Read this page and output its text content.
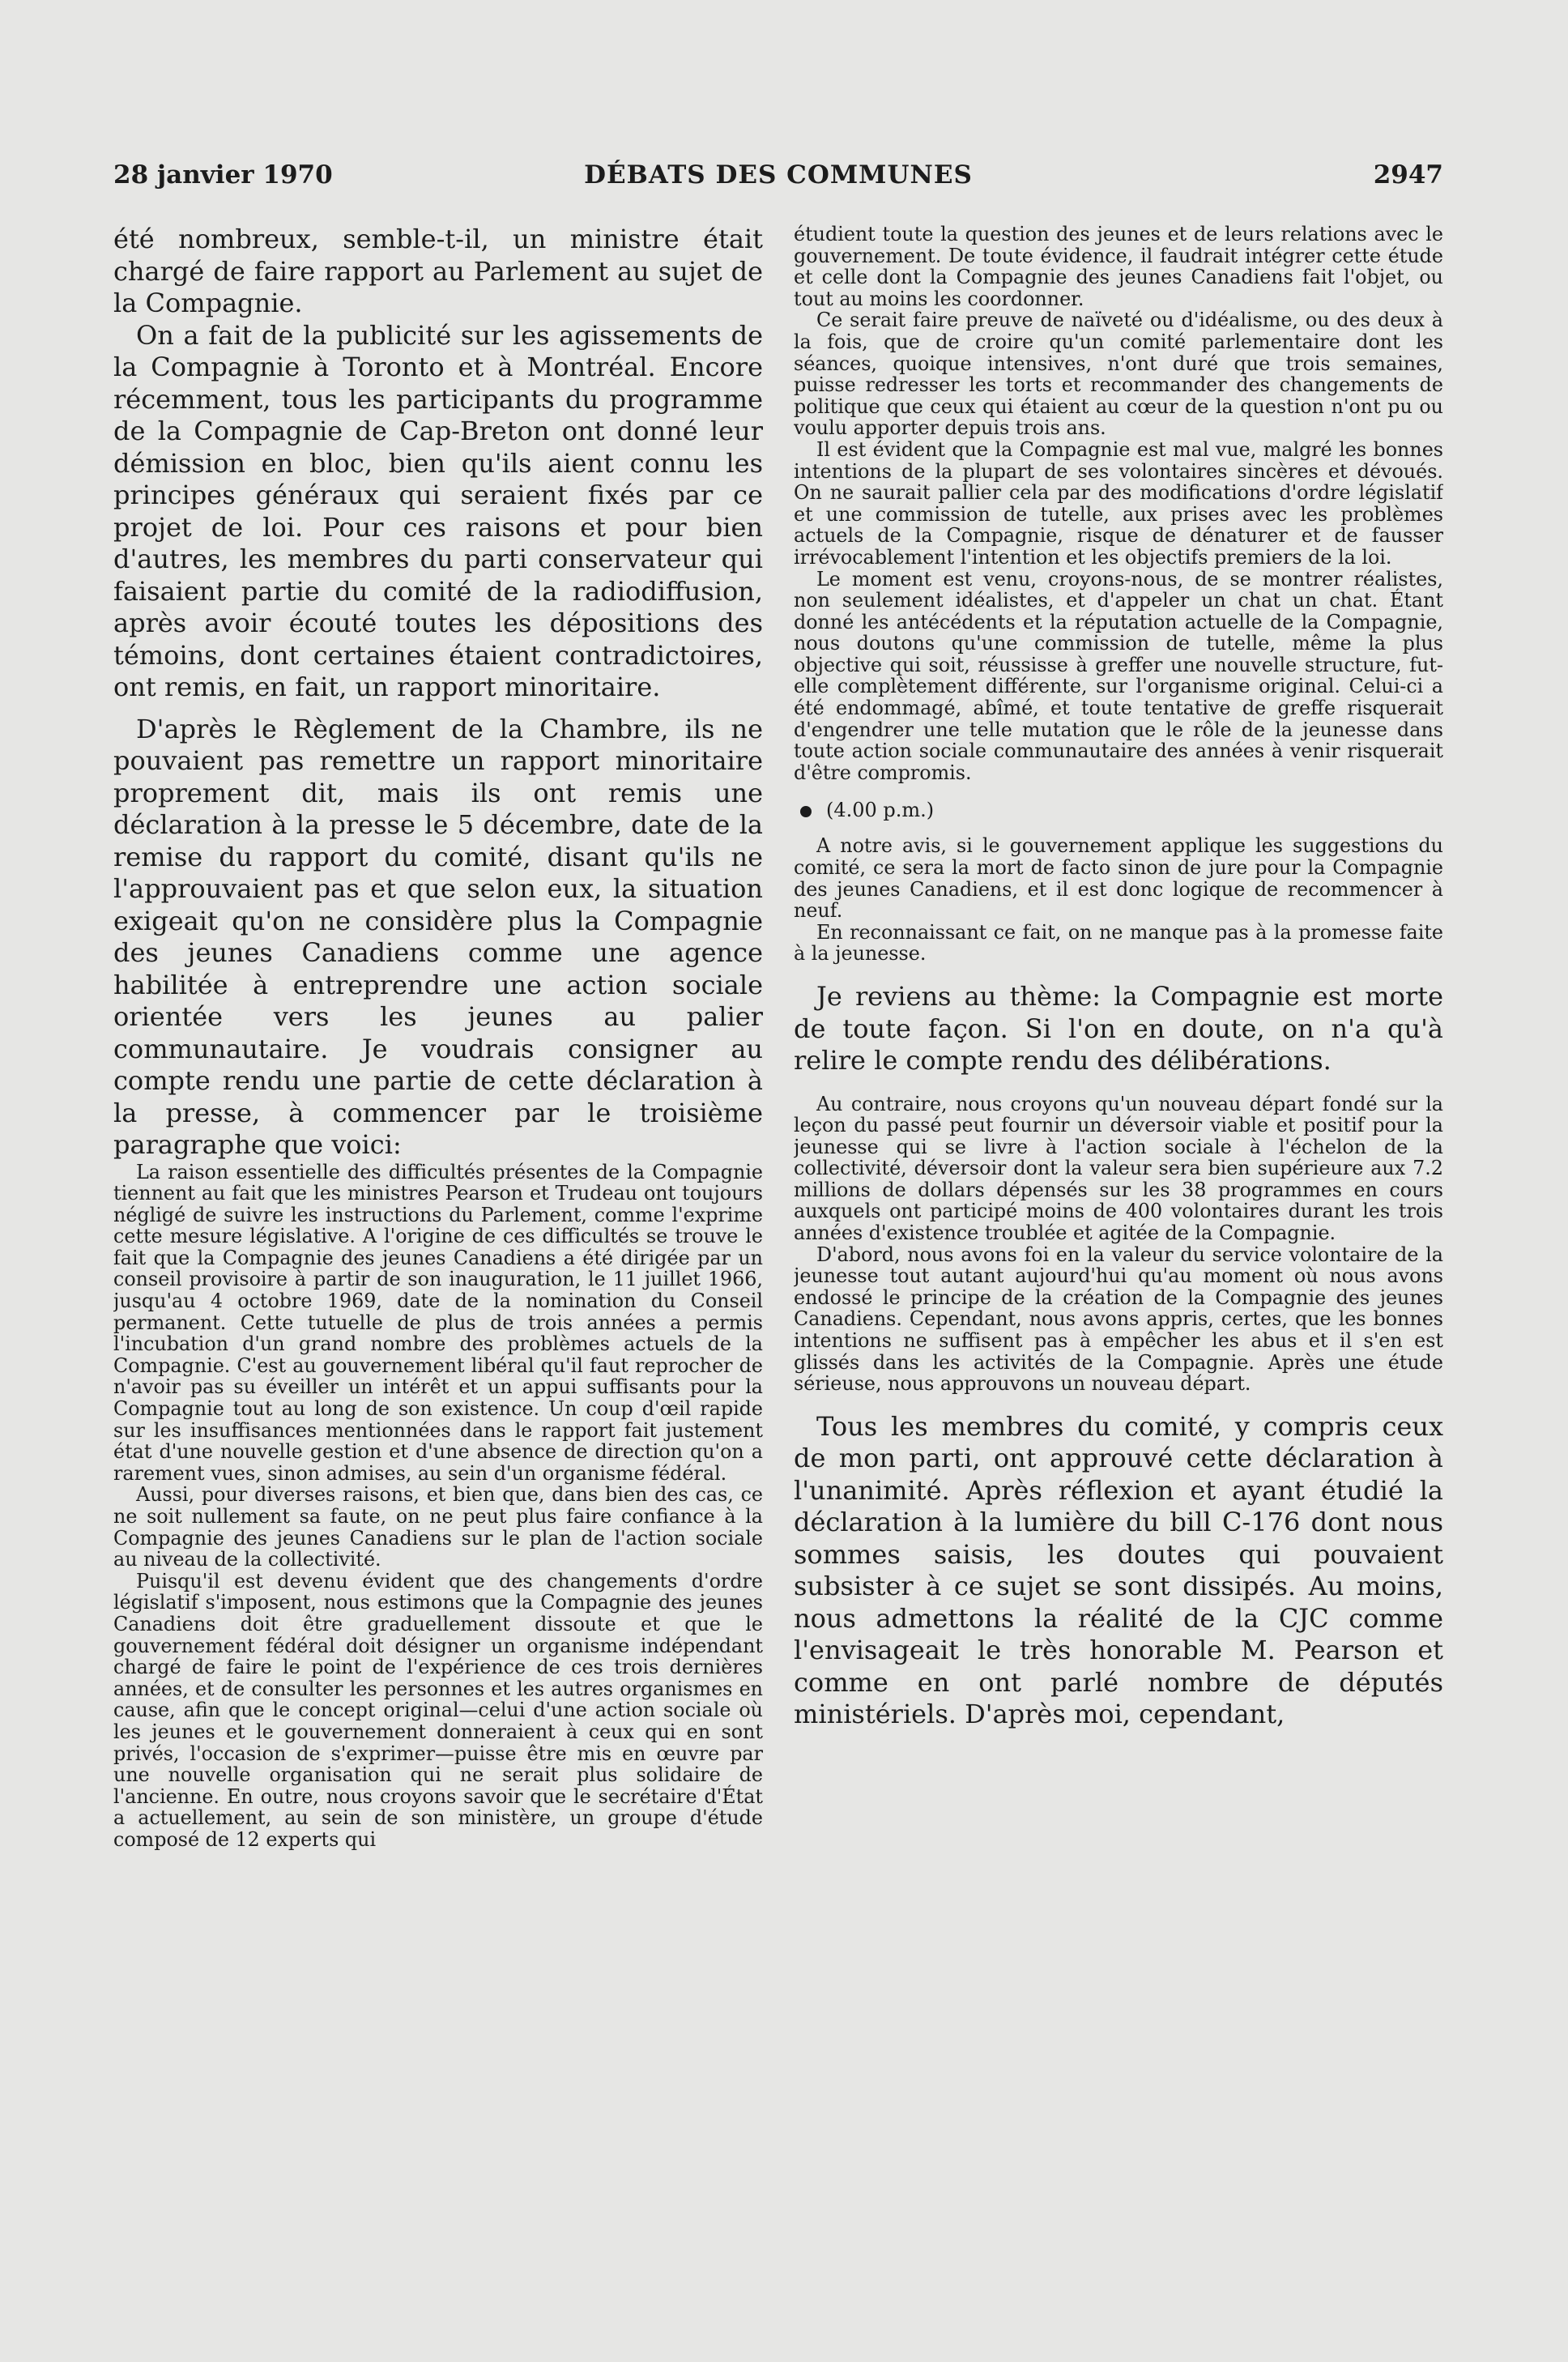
28 janvier 1970	DÉBATS DES COMMUNES	2947

été nombreux, semble-t-il, un ministre était chargé de faire rapport au Parlement au sujet de la Compagnie.

On a fait de la publicité sur les agissements de la Compagnie à Toronto et à Montréal. Encore récemment, tous les participants du programme de la Compagnie de Cap-Breton ont donné leur démission en bloc, bien qu'ils aient connu les principes généraux qui seraient fixés par ce projet de loi. Pour ces raisons et pour bien d'autres, les membres du parti conservateur qui faisaient partie du comité de la radiodiffusion, après avoir écouté toutes les dépositions des témoins, dont certaines étaient contradictoires, ont remis, en fait, un rapport minoritaire.

D'après le Règlement de la Chambre, ils ne pouvaient pas remettre un rapport minoritaire proprement dit, mais ils ont remis une déclaration à la presse le 5 décembre, date de la remise du rapport du comité, disant qu'ils ne l'approuvaient pas et que selon eux, la situation exigeait qu'on ne considère plus la Compagnie des jeunes Canadiens comme une agence habilitée à entreprendre une action sociale orientée vers les jeunes au palier communautaire. Je voudrais consigner au compte rendu une partie de cette déclaration à la presse, à commencer par le troisième paragraphe que voici:

La raison essentielle des difficultés présentes de la Compagnie tiennent au fait que les ministres Pearson et Trudeau ont toujours négligé de suivre les instructions du Parlement, comme l'exprime cette mesure législative. A l'origine de ces difficultés se trouve le fait que la Compagnie des jeunes Canadiens a été dirigée par un conseil provisoire à partir de son inauguration, le 11 juillet 1966, jusqu'au 4 octobre 1969, date de la nomination du Conseil permanent. Cette tutuelle de plus de trois années a permis l'incubation d'un grand nombre des problèmes actuels de la Compagnie. C'est au gouvernement libéral qu'il faut reprocher de n'avoir pas su éveiller un intérêt et un appui suffisants pour la Compagnie tout au long de son existence. Un coup d'œil rapide sur les insuffisances mentionnées dans le rapport fait justement état d'une nouvelle gestion et d'une absence de direction qu'on a rarement vues, sinon admises, au sein d'un organisme fédéral.

Aussi, pour diverses raisons, et bien que, dans bien des cas, ce ne soit nullement sa faute, on ne peut plus faire confiance à la Compagnie des jeunes Canadiens sur le plan de l'action sociale au niveau de la collectivité.

Puisqu'il est devenu évident que des changements d'ordre législatif s'imposent, nous estimons que la Compagnie des jeunes Canadiens doit être graduellement dissoute et que le gouvernement fédéral doit désigner un organisme indépendant chargé de faire le point de l'expérience de ces trois dernières années, et de consulter les personnes et les autres organismes en cause, afin que le concept original—celui d'une action sociale où les jeunes et le gouvernement donneraient à ceux qui en sont privés, l'occasion de s'exprimer—puisse être mis en œuvre par une nouvelle organisation qui ne serait plus solidaire de l'ancienne. En outre, nous croyons savoir que le secrétaire d'État a actuellement, au sein de son ministère, un groupe d'étude composé de 12 experts qui

étudient toute la question des jeunes et de leurs relations avec le gouvernement. De toute évidence, il faudrait intégrer cette étude et celle dont la Compagnie des jeunes Canadiens fait l'objet, ou tout au moins les coordonner.

Ce serait faire preuve de naïveté ou d'idéalisme, ou des deux à la fois, que de croire qu'un comité parlementaire dont les séances, quoique intensives, n'ont duré que trois semaines, puisse redresser les torts et recommander des changements de politique que ceux qui étaient au cœur de la question n'ont pu ou voulu apporter depuis trois ans.

Il est évident que la Compagnie est mal vue, malgré les bonnes intentions de la plupart de ses volontaires sincères et dévoués. On ne saurait pallier cela par des modifications d'ordre législatif et une commission de tutelle, aux prises avec les problèmes actuels de la Compagnie, risque de dénaturer et de fausser irrévocablement l'intention et les objectifs premiers de la loi.

Le moment est venu, croyons-nous, de se montrer réalistes, non seulement idéalistes, et d'appeler un chat un chat. Étant donné les antécédents et la réputation actuelle de la Compagnie, nous doutons qu'une commission de tutelle, même la plus objective qui soit, réussisse à greffer une nouvelle structure, fut-elle complètement différente, sur l'organisme original. Celui-ci a été endommagé, abîmé, et toute tentative de greffe risquerait d'engendrer une telle mutation que le rôle de la jeunesse dans toute action sociale communautaire des années à venir risquerait d'être compromis.

(4.00 p.m.)

A notre avis, si le gouvernement applique les suggestions du comité, ce sera la mort de facto sinon de jure pour la Compagnie des jeunes Canadiens, et il est donc logique de recommencer à neuf.

En reconnaissant ce fait, on ne manque pas à la promesse faite à la jeunesse.

Je reviens au thème: la Compagnie est morte de toute façon. Si l'on en doute, on n'a qu'à relire le compte rendu des délibérations.

Au contraire, nous croyons qu'un nouveau départ fondé sur la leçon du passé peut fournir un déversoir viable et positif pour la jeunesse qui se livre à l'action sociale à l'échelon de la collectivité, déversoir dont la valeur sera bien supérieure aux 7.2 millions de dollars dépensés sur les 38 programmes en cours auxquels ont participé moins de 400 volontaires durant les trois années d'existence troublée et agitée de la Compagnie.

D'abord, nous avons foi en la valeur du service volontaire de la jeunesse tout autant aujourd'hui qu'au moment où nous avons endossé le principe de la création de la Compagnie des jeunes Canadiens. Cependant, nous avons appris, certes, que les bonnes intentions ne suffisent pas à empêcher les abus et il s'en est glissés dans les activités de la Compagnie. Après une étude sérieuse, nous approuvons un nouveau départ.

Tous les membres du comité, y compris ceux de mon parti, ont approuvé cette déclaration à l'unanimité. Après réflexion et ayant étudié la déclaration à la lumière du bill C-176 dont nous sommes saisis, les doutes qui pouvaient subsister à ce sujet se sont dissipés. Au moins, nous admettons la réalité de la CJC comme l'envisageait le très honorable M. Pearson et comme en ont parlé nombre de députés ministériels. D'après moi, cependant,
